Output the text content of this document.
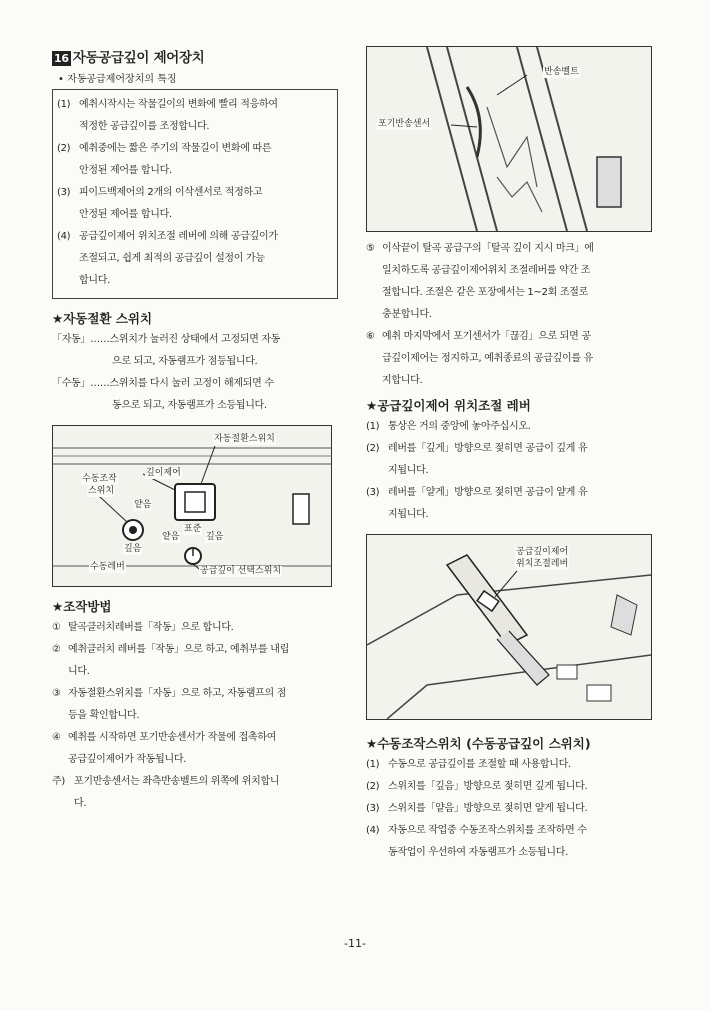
16 자동공급깊이 제어장치
• 자동공급제어장치의 특징
(1) 예취시작시는 작물길이의 변화에 빨리 적응하여
적정한 공급깊이를 조정합니다.
(2) 예취중에는 짧은 주기의 작물길이 변화에 따른
안정된 제어를 합니다.
(3) 피이드백제어의 2개의 이삭센서로 적정하고
안정된 제어를 합니다.
(4) 공급깊이제어 위치조절 레버에 의해 공급깊이가
조절되고, 쉽게 최적의 공급깊이 설정이 가능
합니다.
★자동절환 스위치
「자동」……스위치가 눌러진 상태에서 고정되면 자동
으로 되고, 자동램프가 점등됩니다.
「수동」……스위치를 다시 눌러 고정이 해제되면 수
동으로 되고, 자동램프가 소등됩니다.
자동절환스위치
깊이제어
수동조작
스위치
얕음
표준
얕음	깊음
깊음
수동레버	공급깊이 선택스위치
★조작방법
① 탈곡클러치레버를「작동」으로 합니다.
② 예취클러치 레버를「작동」으로 하고, 예취부를 내립
니다.
③ 자동절환스위치를「자동」으로 하고, 자동램프의 점
등을 확인합니다.
④ 예취를 시작하면 포기반송센서가 작물에 접촉하여
공급깊이제어가 작동됩니다.
주) 포기반송센서는 좌측반송벨트의 위쪽에 위치합니
다.
반송벨트
포기반송센서
⑤ 이삭끝이 탈곡 공급구의「탈곡 깊이 지시 마크」에
일치하도록 공급깊이제어위치 조절레버를 약간 조
절합니다. 조절은 같은 포장에서는 1~2회 조절로
충분합니다.
⑥ 예취 마지막에서 포기센서가「끊김」으로 되면 공
급깊이제어는 정지하고, 예취종료의 공급깊이를 유
지합니다.
★공급깊이제어 위치조절 레버
(1) 통상은 거의 중앙에 놓아주십시오.
(2) 레버를「깊게」방향으로 젖히면 공급이 깊게 유
지됩니다.
(3) 레버를「얕게」방향으로 젖히면 공급이 얕게 유
지됩니다.
공급깊이제어
위치조절레버
★수동조작스위치 (수동공급깊이 스위치)
(1) 수동으로 공급깊이를 조절할 때 사용합니다.
(2) 스위치를「깊음」방향으로 젖히면 깊게 됩니다.
(3) 스위치를「얕음」방향으로 젖히면 얕게 됩니다.
(4) 자동으로 작업중 수동조작스위치를 조작하면 수
동작업이 우선하여 자동램프가 소등됩니다.
-11-
